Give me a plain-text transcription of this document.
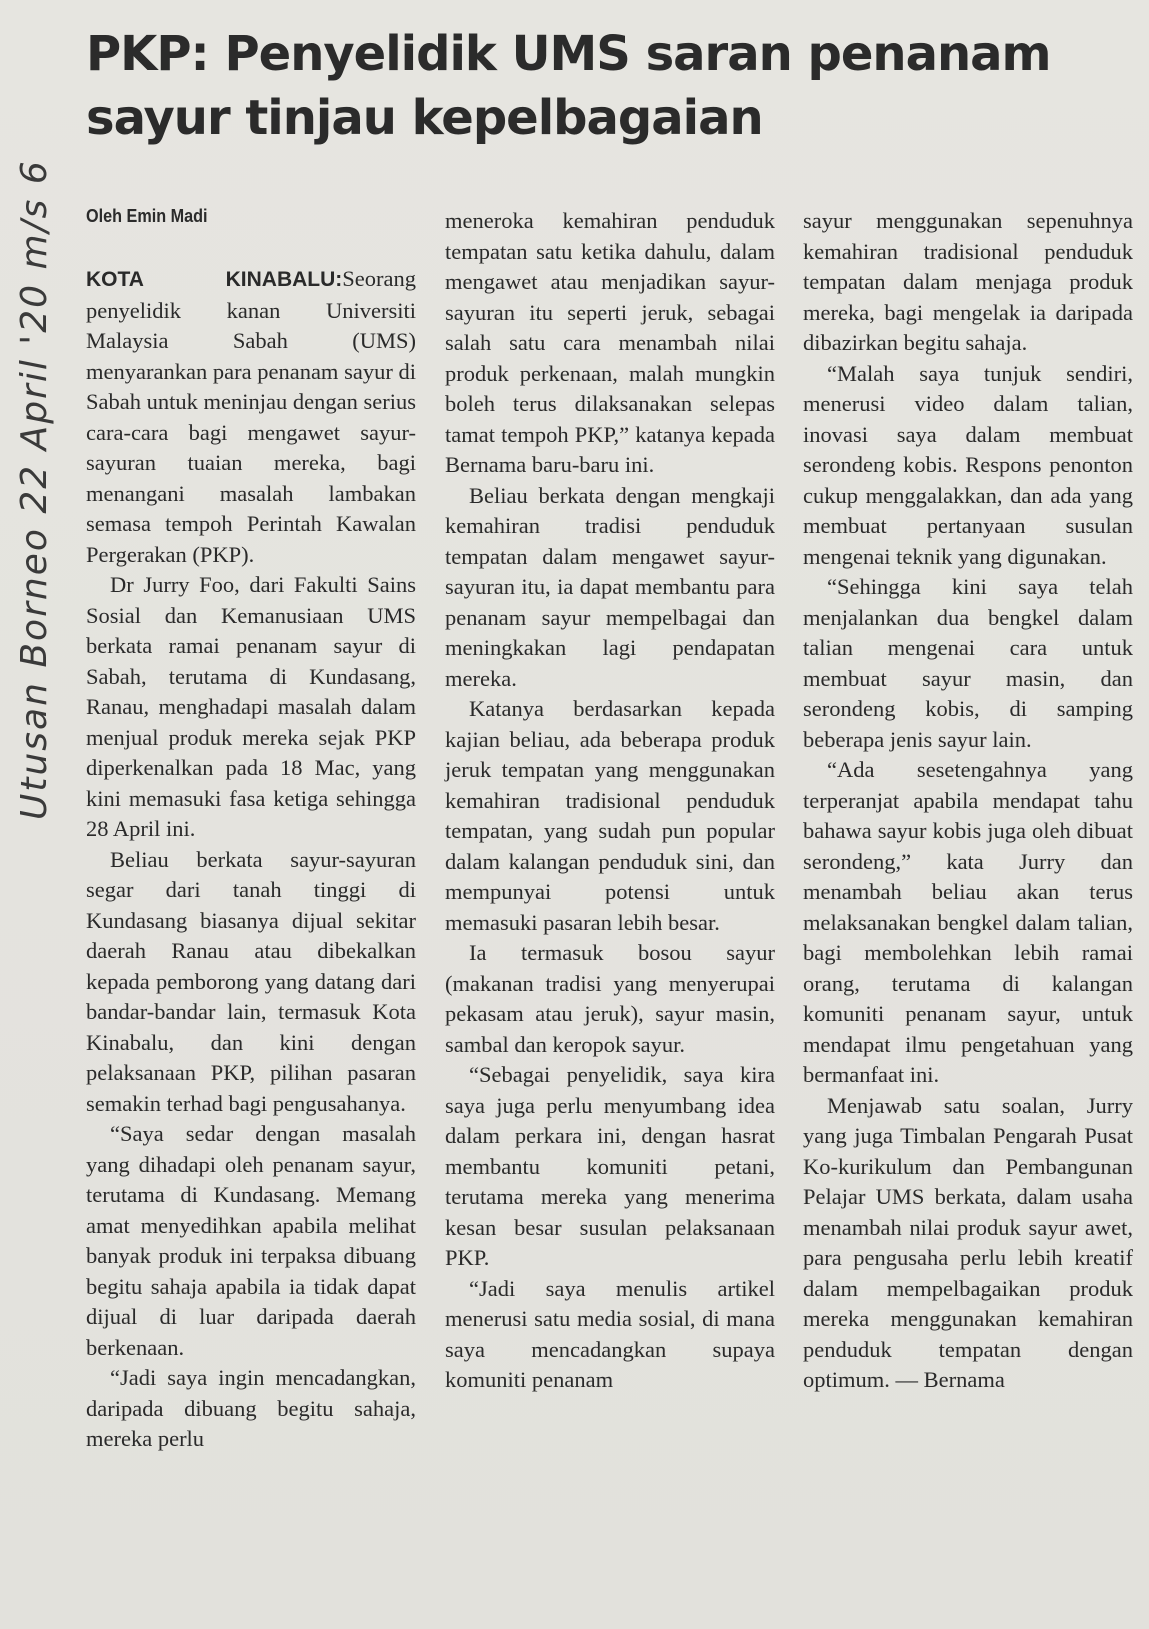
Utusan Borneo 22 April '20 m/s 6
PKP: Penyelidik UMS saran penanam sayur tinjau kepelbagaian
Oleh Emin Madi

KOTA KINABALU:Seorang penyelidik kanan Universiti Malaysia Sabah (UMS) menyarankan para penanam sayur di Sabah untuk meninjau dengan serius cara-cara bagi mengawet sayur-sayuran tuaian mereka, bagi menangani masalah lambakan semasa tempoh Perintah Kawalan Pergerakan (PKP).

Dr Jurry Foo, dari Fakulti Sains Sosial dan Kemanusiaan UMS berkata ramai penanam sayur di Sabah, terutama di Kundasang, Ranau, menghadapi masalah dalam menjual produk mereka sejak PKP diperkenalkan pada 18 Mac, yang kini memasuki fasa ketiga sehingga 28 April ini.

Beliau berkata sayur-sayuran segar dari tanah tinggi di Kundasang biasanya dijual sekitar daerah Ranau atau dibekalkan kepada pemborong yang datang dari bandar-bandar lain, termasuk Kota Kinabalu, dan kini dengan pelaksanaan PKP, pilihan pasaran semakin terhad bagi pengusahanya.

“Saya sedar dengan masalah yang dihadapi oleh penanam sayur, terutama di Kundasang. Memang amat menyedihkan apabila melihat banyak produk ini terpaksa dibuang begitu sahaja apabila ia tidak dapat dijual di luar daripada daerah berkenaan.

“Jadi saya ingin mencadangkan, daripada dibuang begitu sahaja, mereka perlu

meneroka kemahiran penduduk tempatan satu ketika dahulu, dalam mengawet atau menjadikan sayur-sayuran itu seperti jeruk, sebagai salah satu cara menambah nilai produk perkenaan, malah mungkin boleh terus dilaksanakan selepas tamat tempoh PKP,” katanya kepada Bernama baru-baru ini.

Beliau berkata dengan mengkaji kemahiran tradisi penduduk tempatan dalam mengawet sayur-sayuran itu, ia dapat membantu para penanam sayur mempelbagai dan meningkakan lagi pendapatan mereka.

Katanya berdasarkan kepada kajian beliau, ada beberapa produk jeruk tempatan yang menggunakan kemahiran tradisional penduduk tempatan, yang sudah pun popular dalam kalangan penduduk sini, dan mempunyai potensi untuk memasuki pasaran lebih besar.

Ia termasuk bosou sayur (makanan tradisi yang menyerupai pekasam atau jeruk), sayur masin, sambal dan keropok sayur.

“Sebagai penyelidik, saya kira saya juga perlu menyumbang idea dalam perkara ini, dengan hasrat membantu komuniti petani, terutama mereka yang menerima kesan besar susulan pelaksanaan PKP.

“Jadi saya menulis artikel menerusi satu media sosial, di mana saya mencadangkan supaya komuniti penanam

sayur menggunakan sepenuhnya kemahiran tradisional penduduk tempatan dalam menjaga produk mereka, bagi mengelak ia daripada dibazirkan begitu sahaja.

“Malah saya tunjuk sendiri, menerusi video dalam talian, inovasi saya dalam membuat serondeng kobis. Respons penonton cukup menggalakkan, dan ada yang membuat pertanyaan susulan mengenai teknik yang digunakan.

“Sehingga kini saya telah menjalankan dua bengkel dalam talian mengenai cara untuk membuat sayur masin, dan serondeng kobis, di samping beberapa jenis sayur lain.

“Ada sesetengahnya yang terperanjat apabila mendapat tahu bahawa sayur kobis juga oleh dibuat serondeng,” kata Jurry dan menambah beliau akan terus melaksanakan bengkel dalam talian, bagi membolehkan lebih ramai orang, terutama di kalangan komuniti penanam sayur, untuk mendapat ilmu pengetahuan yang bermanfaat ini.

Menjawab satu soalan, Jurry yang juga Timbalan Pengarah Pusat Ko-kurikulum dan Pembangunan Pelajar UMS berkata, dalam usaha menambah nilai produk sayur awet, para pengusaha perlu lebih kreatif dalam mempelbagaikan produk mereka menggunakan kemahiran penduduk tempatan dengan optimum. — Bernama
